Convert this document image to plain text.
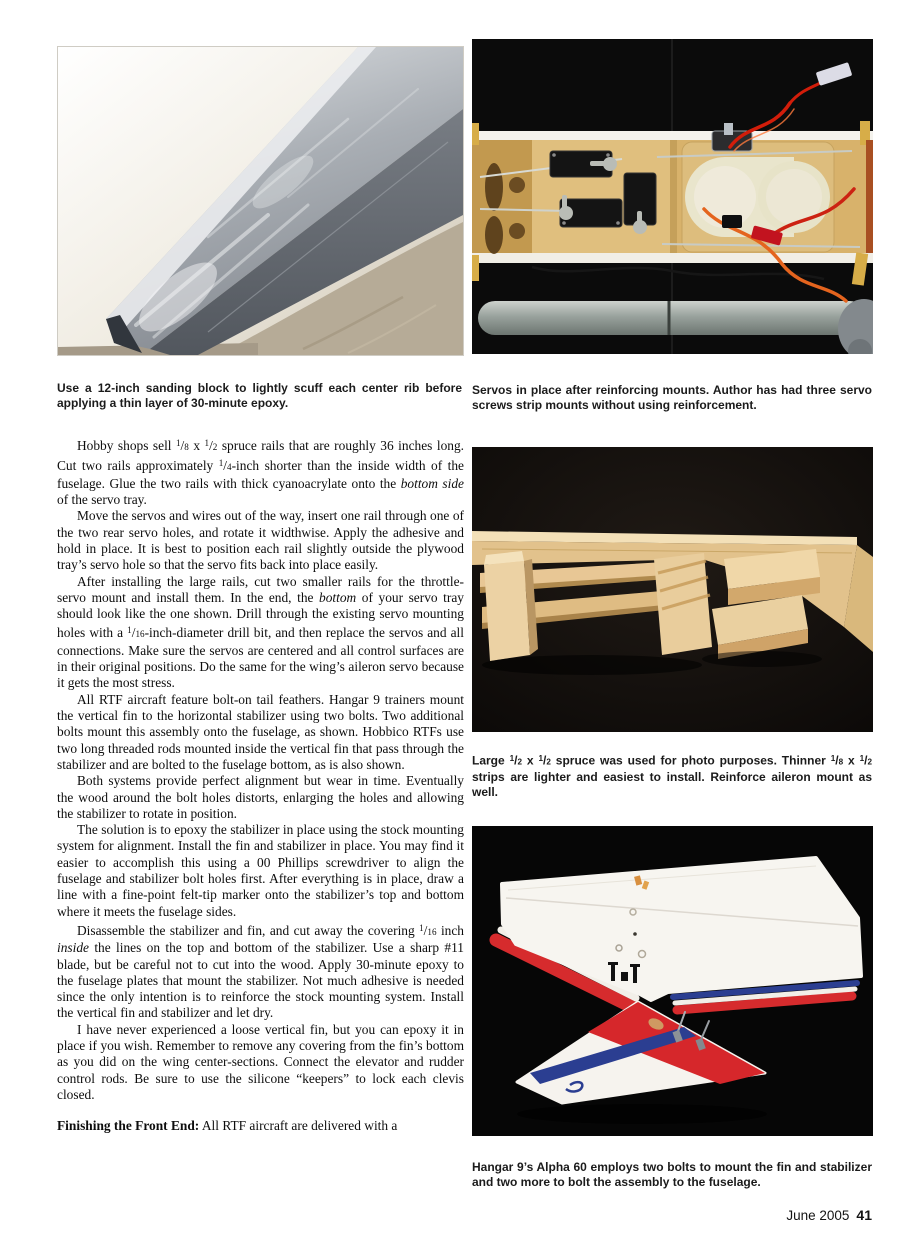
Use a 12-inch sanding block to lightly scuff each center rib before applying a thin layer of 30-minute epoxy.
Servos in place after reinforcing mounts. Author has had three servo screws strip mounts without using reinforcement.

Hobby shops sell $^1$/8 x $^1$/2 spruce rails that are roughly 36 inches long. Cut two rails approximately $^1$/4-inch shorter than the inside width of the fuselage. Glue the two rails with thick cyanoacrylate onto the bottom side of the servo tray.

Move the servos and wires out of the way, insert one rail through one of the two rear servo holes, and rotate it widthwise. Apply the adhesive and hold in place. It is best to position each rail slightly outside the plywood tray’s servo hole so that the servo fits back into place easily.

After installing the large rails, cut two smaller rails for the throttle-servo mount and install them. In the end, the bottom of your servo tray should look like the one shown. Drill through the existing servo mounting holes with a $^1$/16-inch-diameter drill bit, and then replace the servos and all connections. Make sure the servos are centered and all control surfaces are in their original positions. Do the same for the wing’s aileron servo because it gets the most stress.

All RTF aircraft feature bolt-on tail feathers. Hangar 9 trainers mount the vertical fin to the horizontal stabilizer using two bolts. Two additional bolts mount this assembly onto the fuselage, as shown. Hobbico RTFs use two long threaded rods mounted inside the vertical fin that pass through the stabilizer and are bolted to the fuselage bottom, as is also shown.

Both systems provide perfect alignment but wear in time. Eventually the wood around the bolt holes distorts, enlarging the holes and allowing the stabilizer to rotate in position.

The solution is to epoxy the stabilizer in place using the stock mounting system for alignment. Install the fin and stabilizer in place. You may find it easier to accomplish this using a 00 Phillips screwdriver to align the fuselage and stabilizer bolt holes first. After everything is in place, draw a line with a fine-point felt-tip marker onto the stabilizer’s top and bottom where it meets the fuselage sides.

Disassemble the stabilizer and fin, and cut away the covering $^1$/16 inch inside the lines on the top and bottom of the stabilizer. Use a sharp #11 blade, but be careful not to cut into the wood. Apply 30-minute epoxy to the fuselage plates that mount the stabilizer. Not much adhesive is needed since the only intention is to reinforce the stock mounting system. Install the vertical fin and stabilizer and let dry.

I have never experienced a loose vertical fin, but you can epoxy it in place if you wish. Remember to remove any covering from the fin’s bottom as you did on the wing center-sections. Connect the elevator and rudder control rods. Be sure to use the silicone “keepers” to lock each clevis closed.

Finishing the Front End: All RTF aircraft are delivered with a

Large $^1$/2 x $^1$/2 spruce was used for photo purposes. Thinner $^1$/8 x $^1$/2 strips are lighter and easiest to install. Reinforce aileron mount as well.
Hangar 9’s Alpha 60 employs two bolts to mount the fin and stabilizer and two more to bolt the assembly to the fuselage.
June 2005 41
